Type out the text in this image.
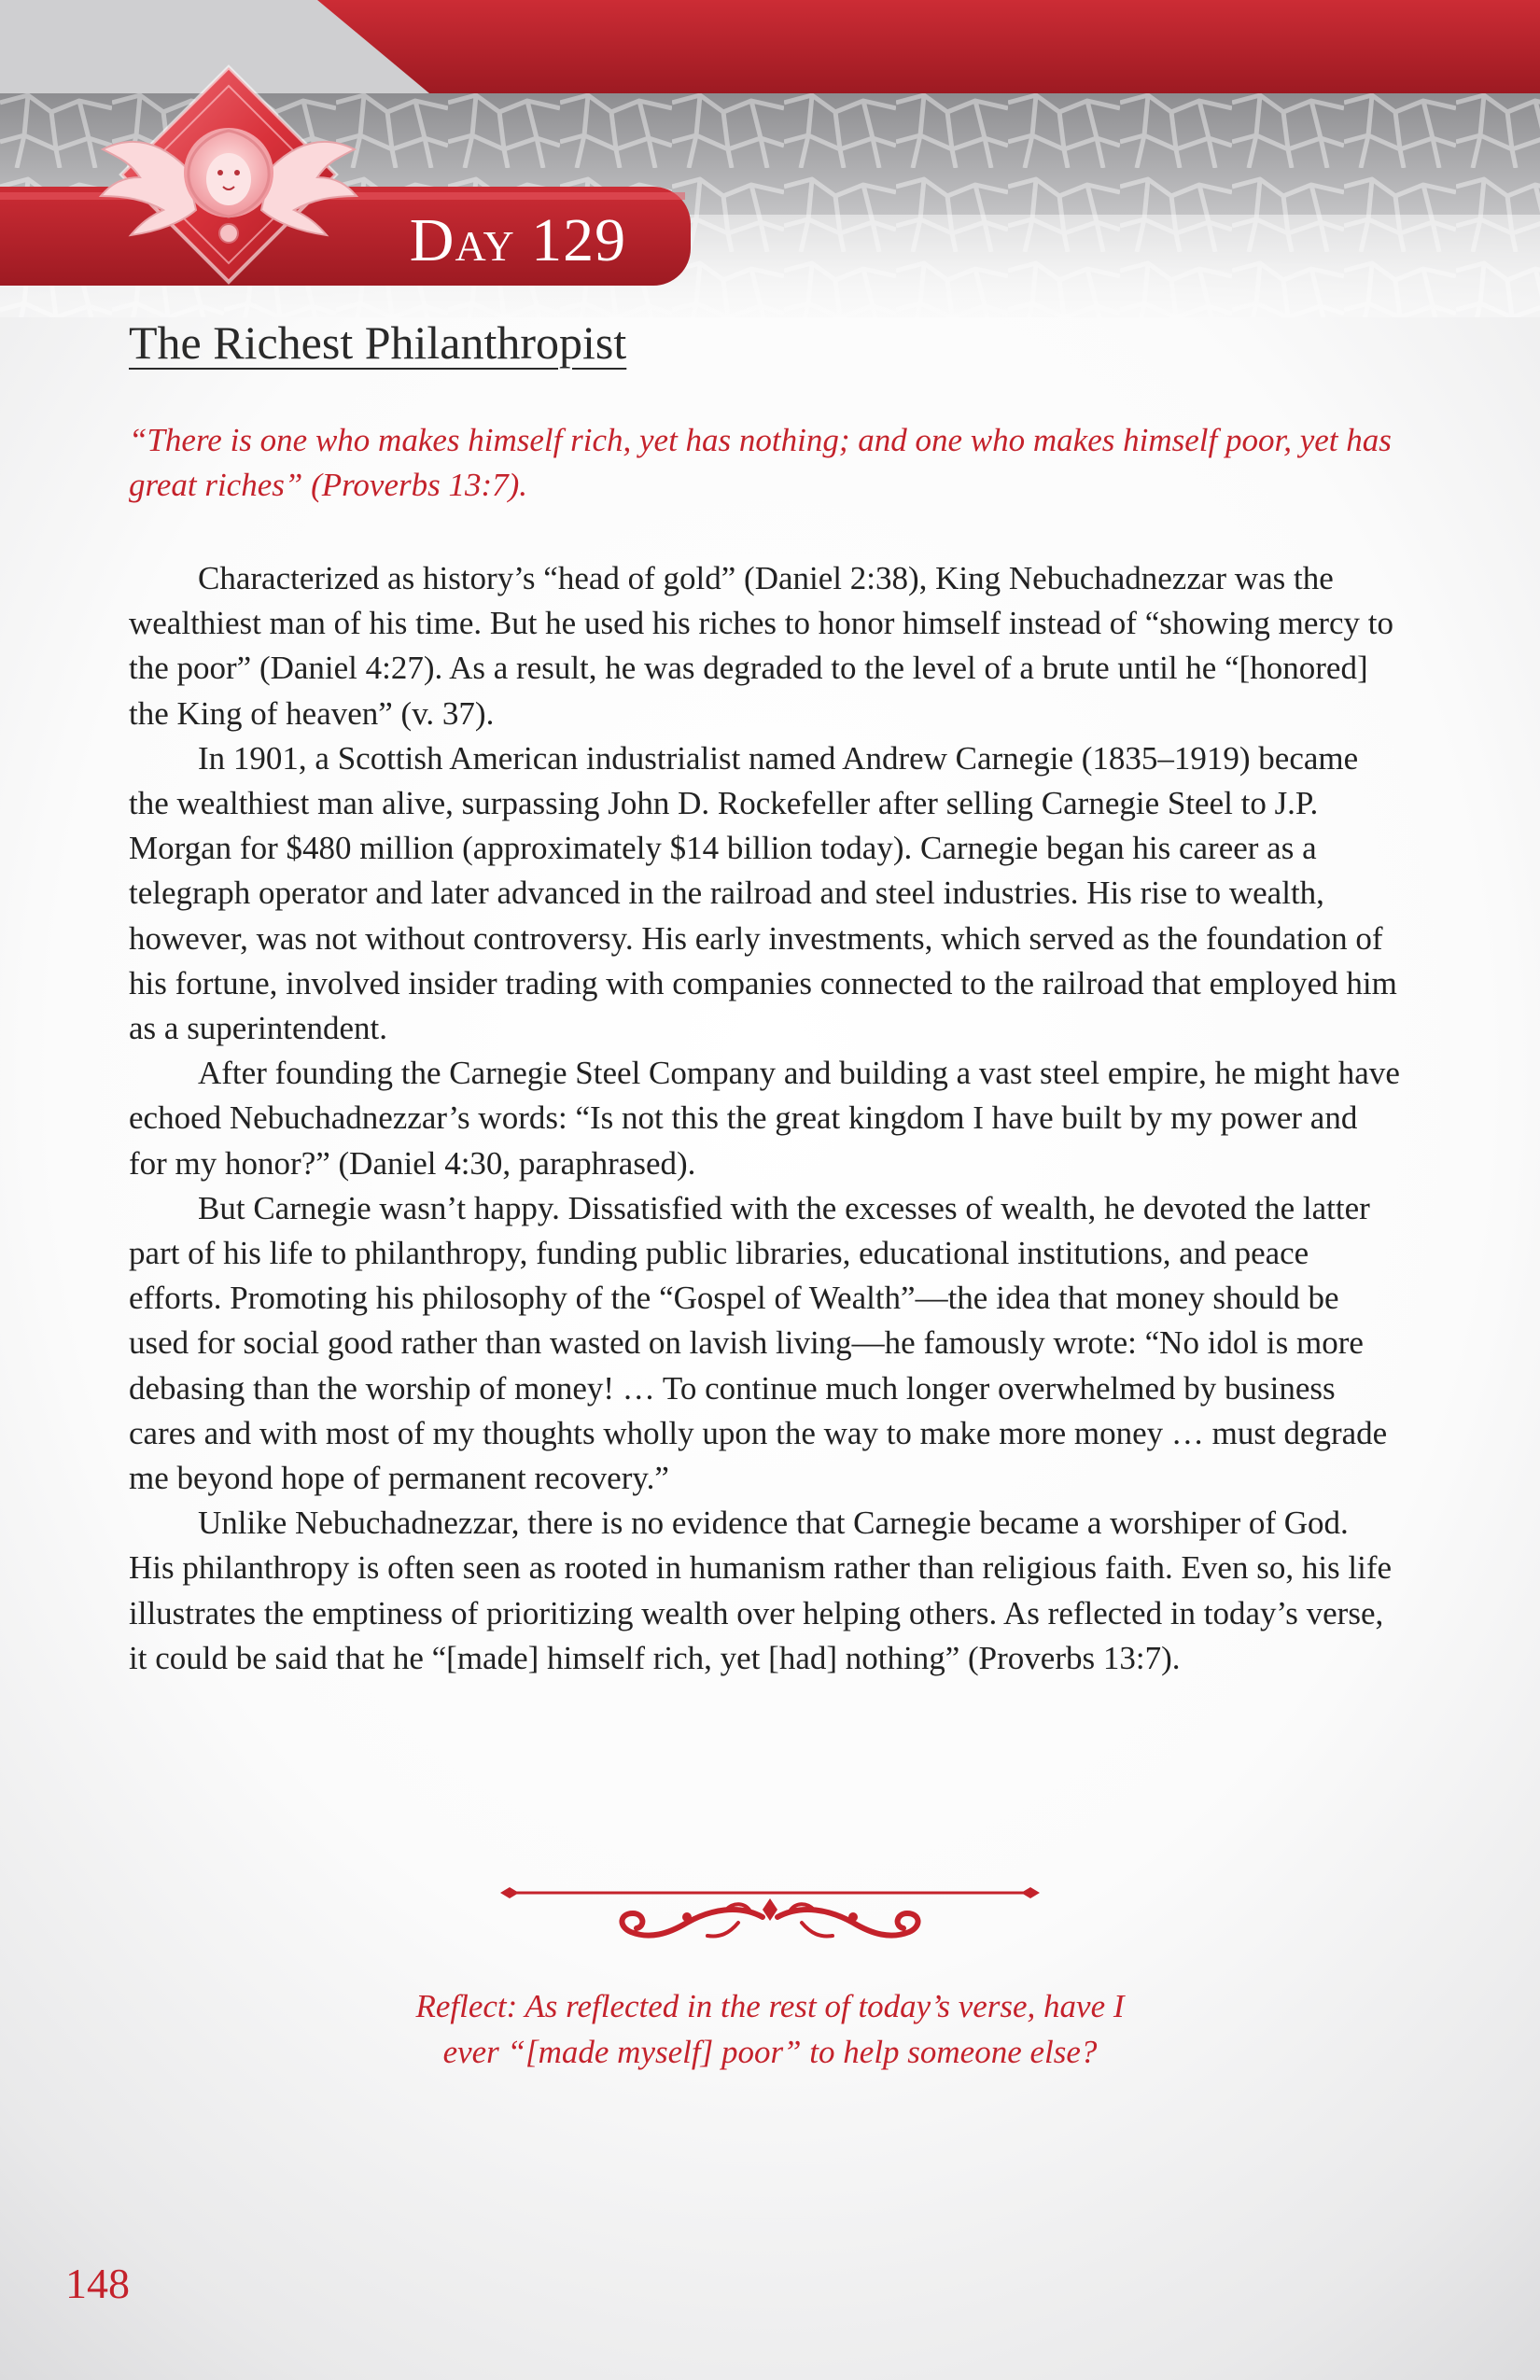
Day 129
The Richest Philanthropist

“There is one who makes himself rich, yet has nothing; and one who makes himself poor, yet has great riches” (Proverbs 13:7).

Characterized as history’s “head of gold” (Daniel 2:38), King Nebuchadnezzar was the wealthiest man of his time. But he used his riches to honor himself instead of “showing mercy to the poor” (Daniel 4:27). As a result, he was degraded to the level of a brute until he “[honored] the King of heaven” (v. 37).

In 1901, a Scottish American industrialist named Andrew Carnegie (1835–1919) became the wealthiest man alive, surpassing John D. Rockefeller after selling Carnegie Steel to J.P. Morgan for $480 million (approximately $14 billion today). Carnegie began his career as a telegraph operator and later advanced in the railroad and steel industries. His rise to wealth, however, was not without controversy. His early investments, which served as the foundation of his fortune, involved insider trading with companies connected to the railroad that employed him as a superintendent.

After founding the Carnegie Steel Company and building a vast steel empire, he might have echoed Nebuchadnezzar’s words: “Is not this the great kingdom I have built by my power and for my honor?” (Daniel 4:30, paraphrased).

But Carnegie wasn’t happy. Dissatisfied with the excesses of wealth, he devoted the latter part of his life to philanthropy, funding public libraries, educational institutions, and peace efforts. Promoting his philosophy of the “Gospel of Wealth”—the idea that money should be used for social good rather than wasted on lavish living—he famously wrote: “No idol is more debasing than the worship of money! … To continue much longer overwhelmed by business cares and with most of my thoughts wholly upon the way to make more money … must degrade me beyond hope of permanent recovery.”

Unlike Nebuchadnezzar, there is no evidence that Carnegie became a worshiper of God. His philanthropy is often seen as rooted in humanism rather than religious faith. Even so, his life illustrates the emptiness of prioritizing wealth over helping others. As reflected in today’s verse, it could be said that he “[made] himself rich, yet [had] nothing” (Proverbs 13:7).

Reflect: As reflected in the rest of today’s verse, have I
ever “[made myself] poor” to help someone else?

148
